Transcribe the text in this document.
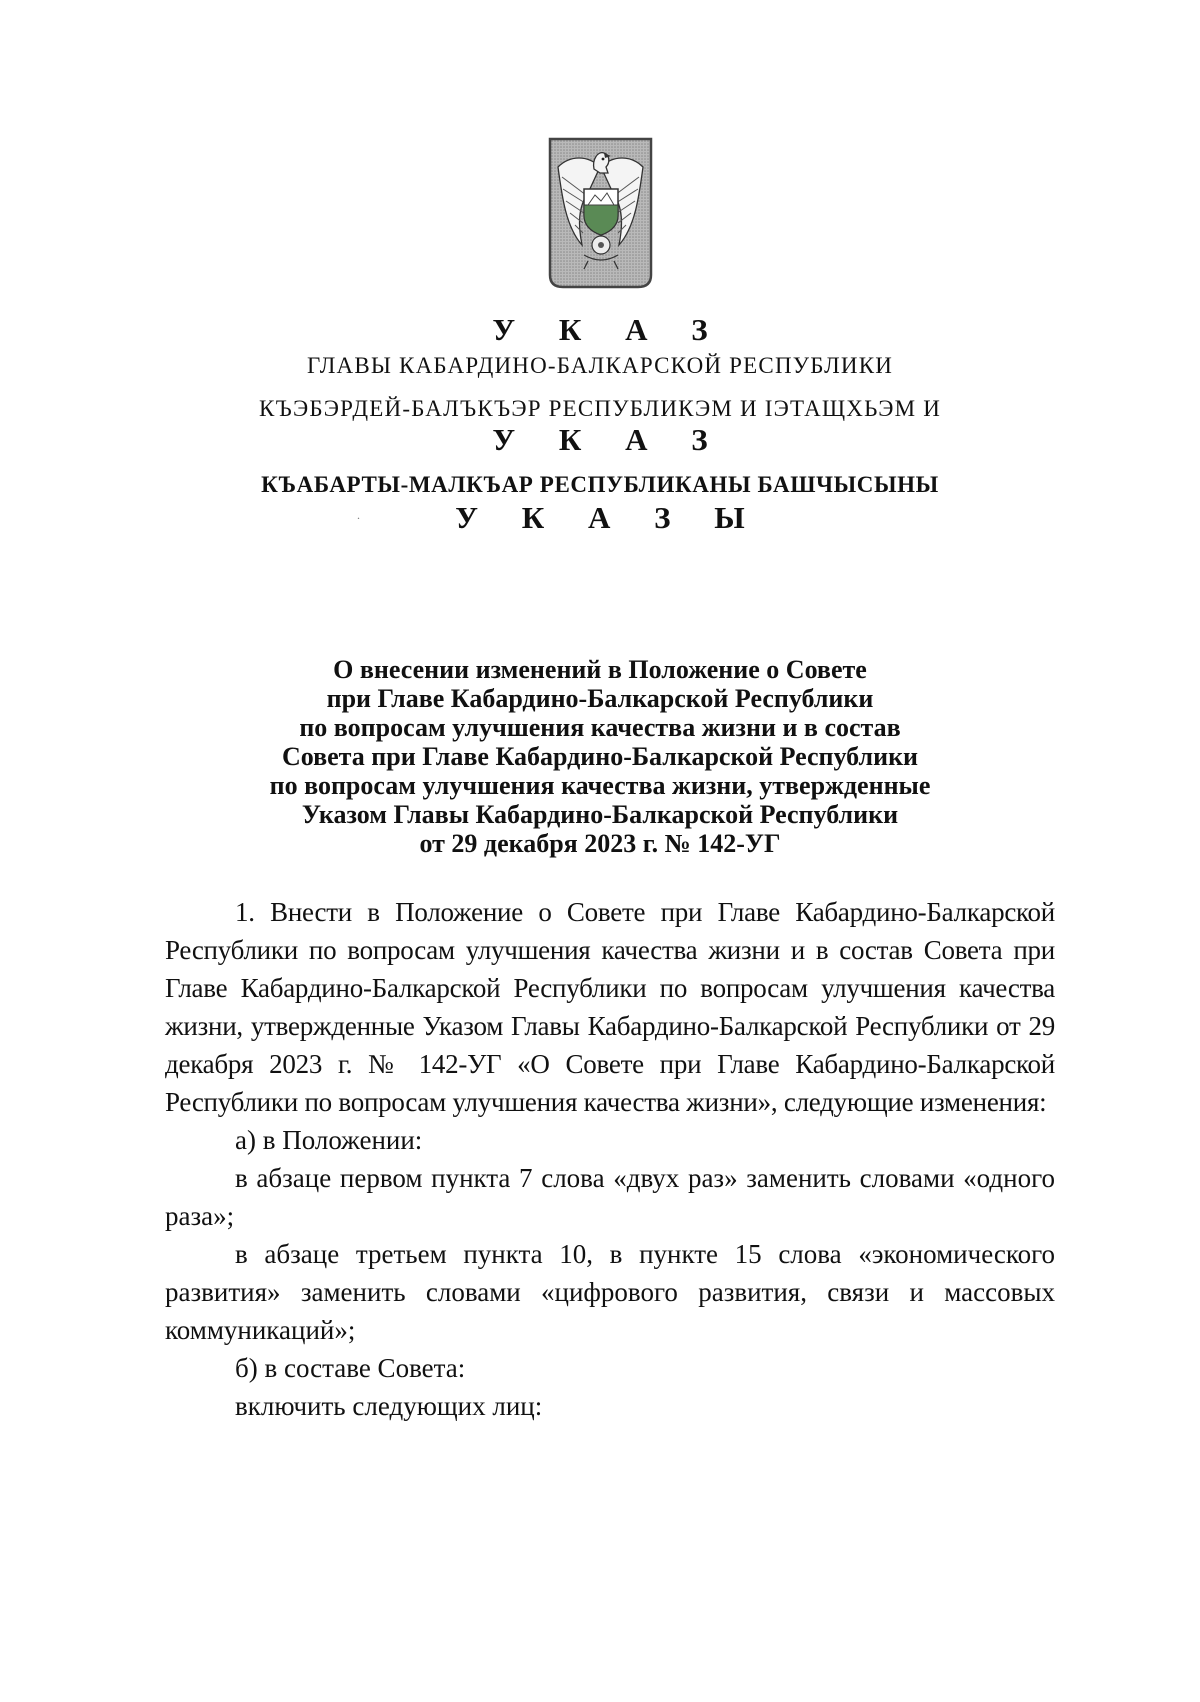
У К А З
ГЛАВЫ КАБАРДИНО-БАЛКАРСКОЙ РЕСПУБЛИКИ
КЪЭБЭРДЕЙ-БАЛЪКЪЭР РЕСПУБЛИКЭМ И IЭТАЩХЬЭМ И
У К А З
КЪАБАРТЫ-МАЛКЪАР РЕСПУБЛИКАНЫ БАШЧЫСЫНЫ
У К А З Ы
.
О внесении изменений в Положение о Совете
при Главе Кабардино-Балкарской Республики
по вопросам улучшения качества жизни и в состав
Совета при Главе Кабардино-Балкарской Республики
по вопросам улучшения качества жизни, утвержденные
Указом Главы Кабардино-Балкарской Республики
от 29 декабря 2023 г. № 142-УГ

1. Внести в Положение о Совете при Главе Кабардино-Балкарской Республики по вопросам улучшения качества жизни и в состав Совета при Главе Кабардино-Балкарской Республики по вопросам улучшения качества жизни, утвержденные Указом Главы Кабардино-Балкарской Республики от 29 декабря 2023 г. № 142-УГ «О Совете при Главе Кабардино-Балкарской Республики по вопросам улучшения качества жизни», следующие изменения:

а) в Положении:

в абзаце первом пункта 7 слова «двух раз» заменить словами «одного раза»;

в абзаце третьем пункта 10, в пункте 15 слова «экономического развития» заменить словами «цифрового развития, связи и массовых коммуникаций»;

б) в составе Совета:

включить следующих лиц:
